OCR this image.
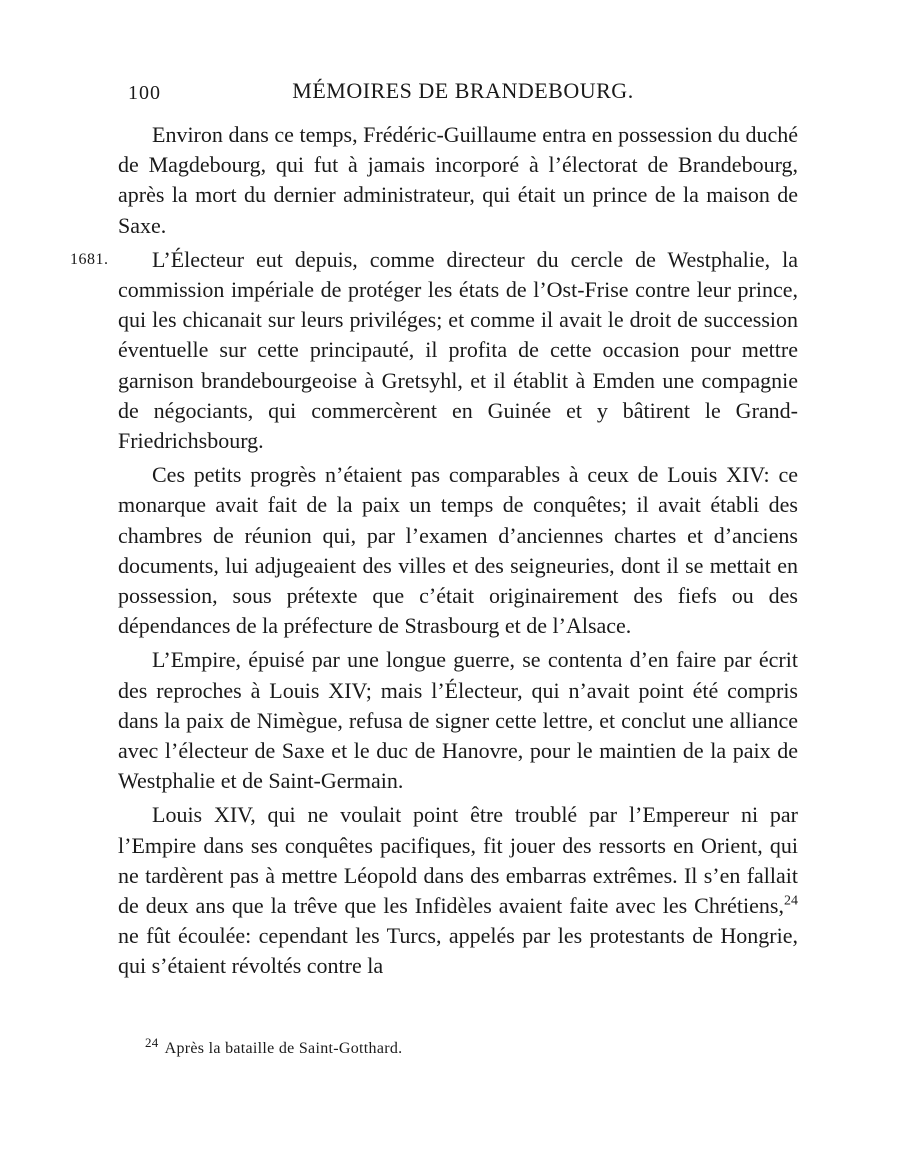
100	MÉMOIRES DE BRANDEBOURG.

Environ dans ce temps, Frédéric-Guillaume entra en possession du duché de Magdebourg, qui fut à jamais incorporé à l’électorat de Brandebourg, après la mort du dernier administrateur, qui était un prince de la maison de Saxe.

1681. L’Électeur eut depuis, comme directeur du cercle de Westphalie, la commission impériale de protéger les états de l’Ost-Frise contre leur prince, qui les chicanait sur leurs priviléges; et comme il avait le droit de succession éventuelle sur cette principauté, il profita de cette occasion pour mettre garnison brandebourgeoise à Gretsyhl, et il établit à Emden une compagnie de négociants, qui commercèrent en Guinée et y bâtirent le Grand-Friedrichsbourg.

Ces petits progrès n’étaient pas comparables à ceux de Louis XIV: ce monarque avait fait de la paix un temps de conquêtes; il avait établi des chambres de réunion qui, par l’examen d’anciennes chartes et d’anciens documents, lui adjugeaient des villes et des seigneuries, dont il se mettait en possession, sous prétexte que c’était originairement des fiefs ou des dépendances de la préfecture de Strasbourg et de l’Alsace.

L’Empire, épuisé par une longue guerre, se contenta d’en faire par écrit des reproches à Louis XIV; mais l’Électeur, qui n’avait point été compris dans la paix de Nimègue, refusa de signer cette lettre, et conclut une alliance avec l’électeur de Saxe et le duc de Hanovre, pour le maintien de la paix de Westphalie et de Saint-Germain.

Louis XIV, qui ne voulait point être troublé par l’Empereur ni par l’Empire dans ses conquêtes pacifiques, fit jouer des ressorts en Orient, qui ne tardèrent pas à mettre Léopold dans des embarras extrêmes. Il s’en fallait de deux ans que la trêve que les Infidèles avaient faite avec les Chrétiens,$^{24}$ ne fût écoulée: cependant les Turcs, appelés par les protestants de Hongrie, qui s’étaient révoltés contre la

$^{24}$ Après la bataille de Saint-Gotthard.
